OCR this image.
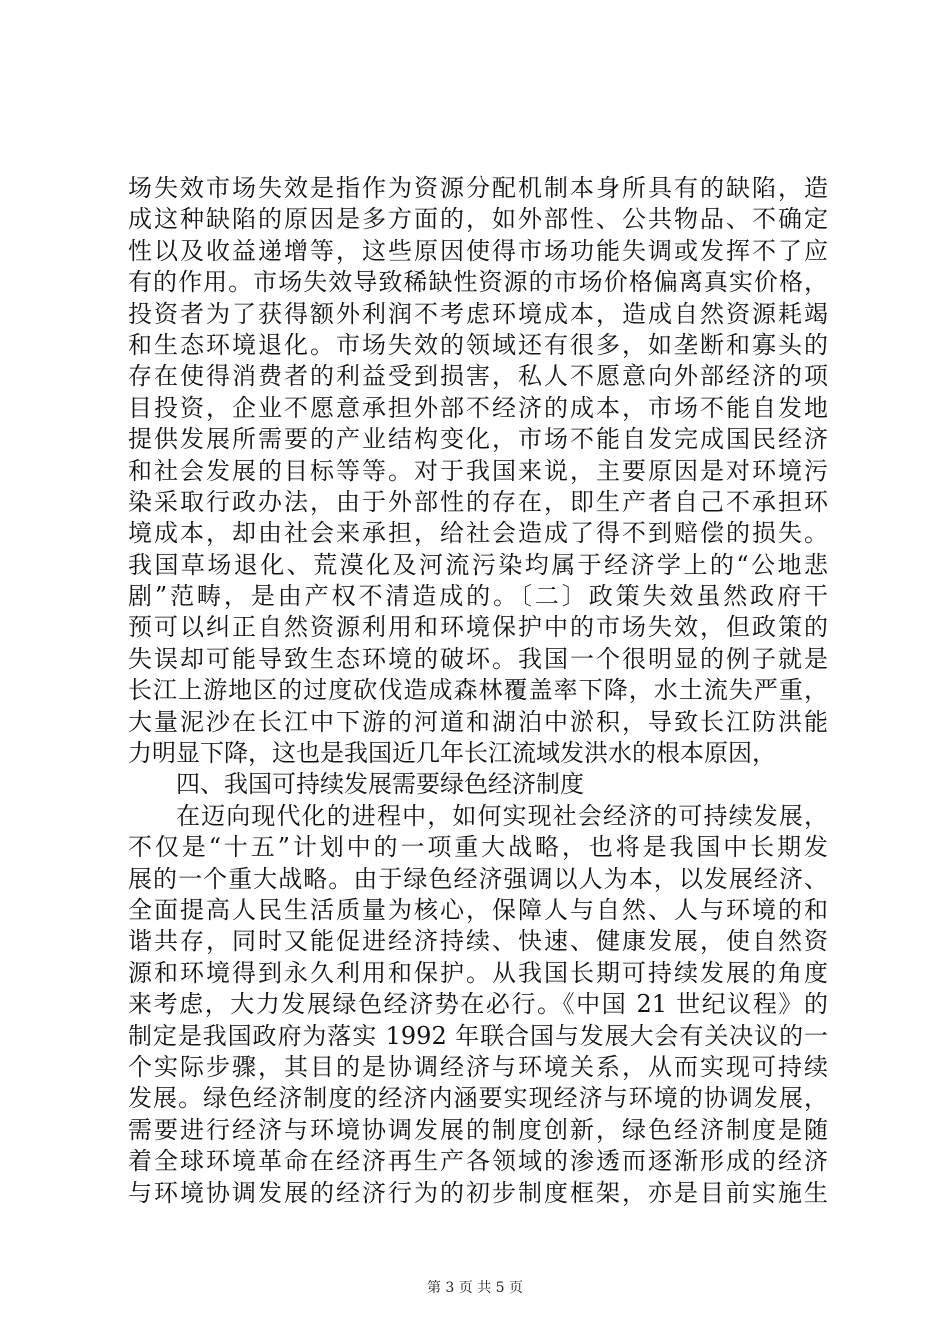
场失效市场失效是指作为资源分配机制本身所具有的缺陷，造
成这种缺陷的原因是多方面的，如外部性、公共物品、不确定
性以及收益递增等，这些原因使得市场功能失调或发挥不了应
有的作用。市场失效导致稀缺性资源的市场价格偏离真实价格，
投资者为了获得额外利润不考虑环境成本，造成自然资源耗竭
和生态环境退化。市场失效的领域还有很多，如垄断和寡头的
存在使得消费者的利益受到损害，私人不愿意向外部经济的项
目投资，企业不愿意承担外部不经济的成本，市场不能自发地
提供发展所需要的产业结构变化，市场不能自发完成国民经济
和社会发展的目标等等。对于我国来说，主要原因是对环境污
染采取行政办法，由于外部性的存在，即生产者自己不承担环
境成本，却由社会来承担，给社会造成了得不到赔偿的损失。
我国草场退化、荒漠化及河流污染均属于经济学上的“公地悲
剧”范畴，是由产权不清造成的。〔二〕政策失效虽然政府干
预可以纠正自然资源利用和环境保护中的市场失效，但政策的
失误却可能导致生态环境的破坏。我国一个很明显的例子就是
长江上游地区的过度砍伐造成森林覆盖率下降，水土流失严重，
大量泥沙在长江中下游的河道和湖泊中淤积，导致长江防洪能
力明显下降，这也是我国近几年长江流域发洪水的根本原因，
四、我国可持续发展需要绿色经济制度
在迈向现代化的进程中，如何实现社会经济的可持续发展，
不仅是“十五”计划中的一项重大战略，也将是我国中长期发
展的一个重大战略。由于绿色经济强调以人为本，以发展经济、
全面提高人民生活质量为核心，保障人与自然、人与环境的和
谐共存，同时又能促进经济持续、快速、健康发展，使自然资
源和环境得到永久利用和保护。从我国长期可持续发展的角度
来考虑，大力发展绿色经济势在必行。《中国 21 世纪议程》的
制定是我国政府为落实 1992 年联合国与发展大会有关决议的一
个实际步骤，其目的是协调经济与环境关系，从而实现可持续
发展。绿色经济制度的经济内涵要实现经济与环境的协调发展，
需要进行经济与环境协调发展的制度创新，绿色经济制度是随
着全球环境革命在经济再生产各领域的渗透而逐渐形成的经济
与环境协调发展的经济行为的初步制度框架，亦是目前实施生
第 3 页 共 5 页
